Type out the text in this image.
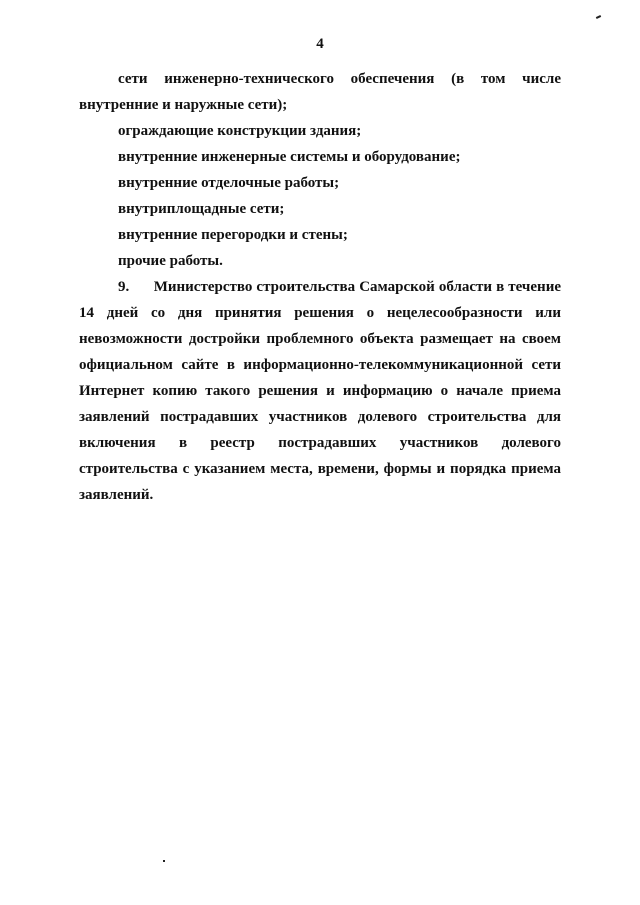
4

сети инженерно-технического обеспечения (в том числе внутренние и наружные сети);

ограждающие конструкции здания;

внутренние инженерные системы и оборудование;

внутренние отделочные работы;

внутриплощадные сети;

внутренние перегородки и стены;

прочие работы.

9.      Министерство строительства Самарской области в течение 14 дней со дня принятия решения о нецелесообразности или невозможности достройки проблемного объекта размещает на своем официальном сайте в информационно-телекоммуникационной сети Интернет копию такого решения и информацию о начале приема заявлений пострадавших участников долевого строительства для включения в реестр пострадавших участников долевого строительства с указанием места, времени, формы и порядка приема заявлений.
